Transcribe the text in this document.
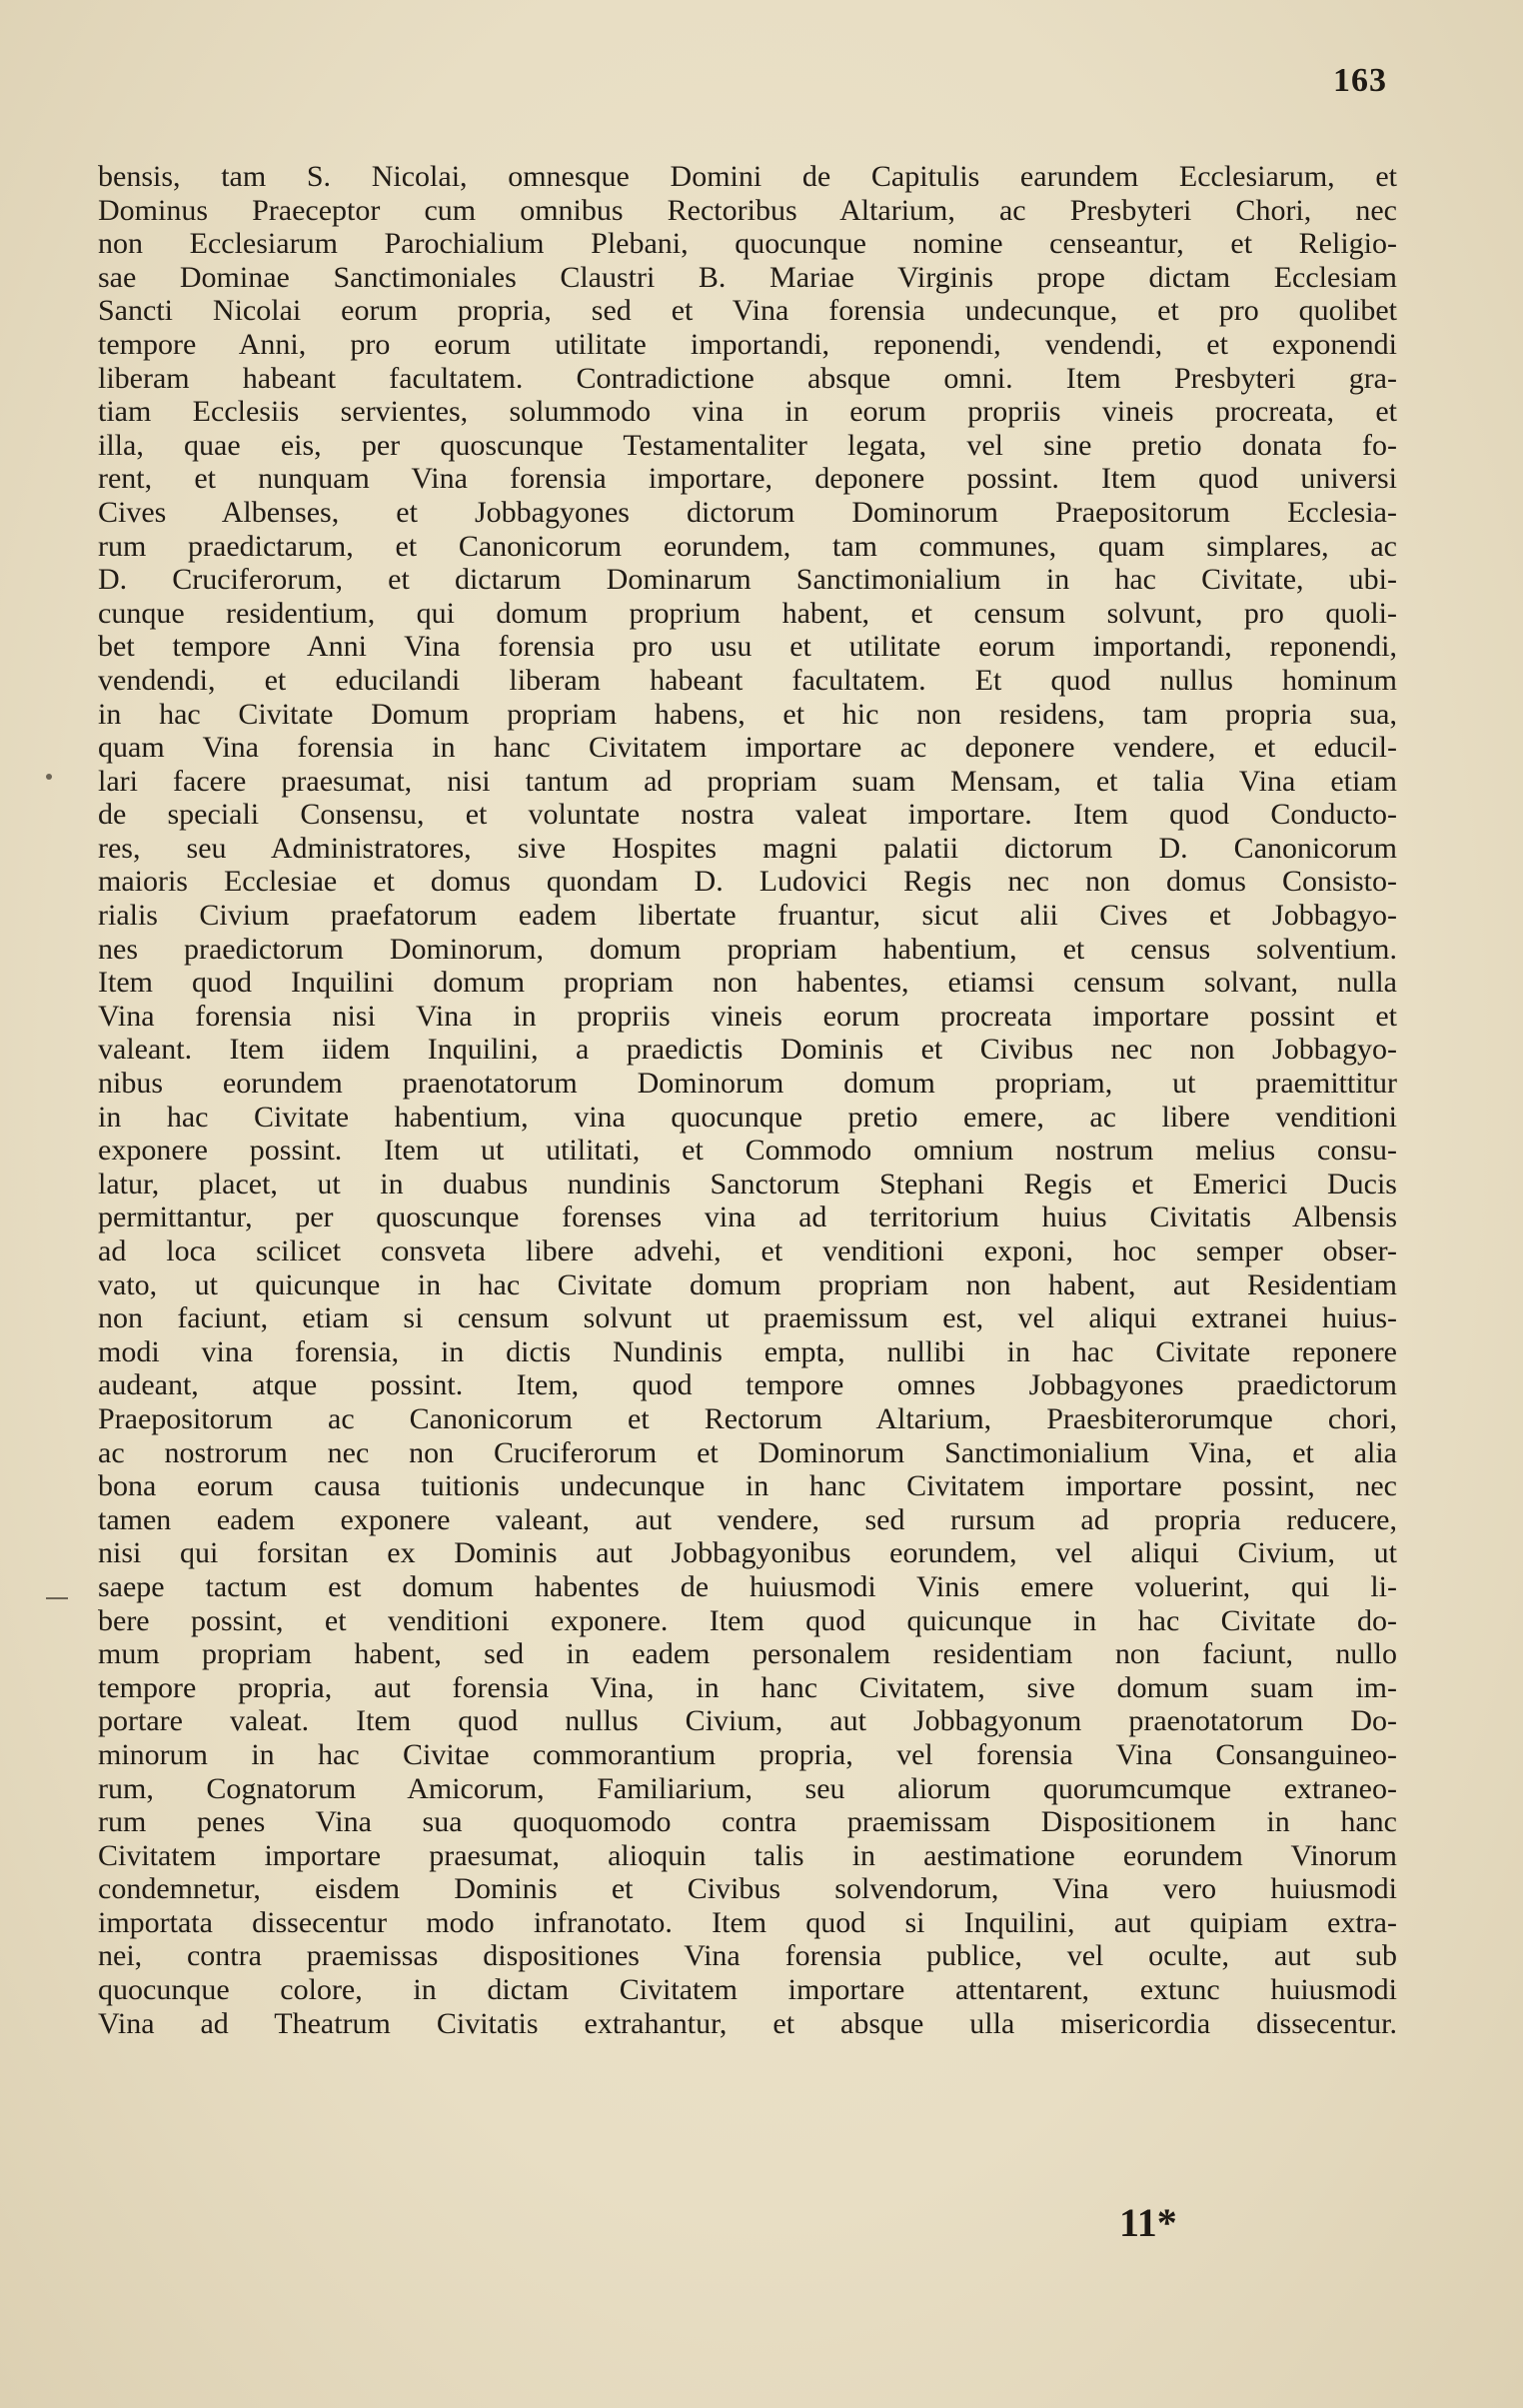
163
bensis, tam S. Nicolai, omnesque Domini de Capitulis earundem Ecclesiarum, et
Dominus Praeceptor cum omnibus Rectoribus Altarium, ac Presbyteri Chori, nec
non Ecclesiarum Parochialium Plebani, quocunque nomine censeantur, et Religio-
sae Dominae Sanctimoniales Claustri B. Mariae Virginis prope dictam Ecclesiam
Sancti Nicolai eorum propria, sed et Vina forensia undecunque, et pro quolibet
tempore Anni, pro eorum utilitate importandi, reponendi, vendendi, et exponendi
liberam habeant facultatem. Contradictione absque omni. Item Presbyteri gra-
tiam Ecclesiis servientes, solummodo vina in eorum propriis vineis procreata, et
illa, quae eis, per quoscunque Testamentaliter legata, vel sine pretio donata fo-
rent, et nunquam Vina forensia importare, deponere possint. Item quod universi
Cives Albenses, et Jobbagyones dictorum Dominorum Praepositorum Ecclesia-
rum praedictarum, et Canonicorum eorundem, tam communes, quam simplares, ac
D. Cruciferorum, et dictarum Dominarum Sanctimonialium in hac Civitate, ubi-
cunque residentium, qui domum proprium habent, et censum solvunt, pro quoli-
bet tempore Anni Vina forensia pro usu et utilitate eorum importandi, reponendi,
vendendi, et educilandi liberam habeant facultatem. Et quod nullus hominum
in hac Civitate Domum propriam habens, et hic non residens, tam propria sua,
quam Vina forensia in hanc Civitatem importare ac deponere vendere, et educil-
lari facere praesumat, nisi tantum ad propriam suam Mensam, et talia Vina etiam
de speciali Consensu, et voluntate nostra valeat importare. Item quod Conducto-
res, seu Administratores, sive Hospites magni palatii dictorum D. Canonicorum
maioris Ecclesiae et domus quondam D. Ludovici Regis nec non domus Consisto-
rialis Civium praefatorum eadem libertate fruantur, sicut alii Cives et Jobbagyo-
nes praedictorum Dominorum, domum propriam habentium, et census solventium.
Item quod Inquilini domum propriam non habentes, etiamsi censum solvant, nulla
Vina forensia nisi Vina in propriis vineis eorum procreata importare possint et
valeant. Item iidem Inquilini, a praedictis Dominis et Civibus nec non Jobbagyo-
nibus eorundem praenotatorum Dominorum domum propriam, ut praemittitur
in hac Civitate habentium, vina quocunque pretio emere, ac libere venditioni
exponere possint. Item ut utilitati, et Commodo omnium nostrum melius consu-
latur, placet, ut in duabus nundinis Sanctorum Stephani Regis et Emerici Ducis
permittantur, per quoscunque forenses vina ad territorium huius Civitatis Albensis
ad loca scilicet consveta libere advehi, et venditioni exponi, hoc semper obser-
vato, ut quicunque in hac Civitate domum propriam non habent, aut Residentiam
non faciunt, etiam si censum solvunt ut praemissum est, vel aliqui extranei huius-
modi vina forensia, in dictis Nundinis empta, nullibi in hac Civitate reponere
audeant, atque possint. Item, quod tempore omnes Jobbagyones praedictorum
Praepositorum ac Canonicorum et Rectorum Altarium, Praesbiterorumque chori,
ac nostrorum nec non Cruciferorum et Dominorum Sanctimonialium Vina, et alia
bona eorum causa tuitionis undecunque in hanc Civitatem importare possint, nec
tamen eadem exponere valeant, aut vendere, sed rursum ad propria reducere,
nisi qui forsitan ex Dominis aut Jobbagyonibus eorundem, vel aliqui Civium, ut
saepe tactum est domum habentes de huiusmodi Vinis emere voluerint, qui li-
bere possint, et venditioni exponere. Item quod quicunque in hac Civitate do-
mum propriam habent, sed in eadem personalem residentiam non faciunt, nullo
tempore propria, aut forensia Vina, in hanc Civitatem, sive domum suam im-
portare valeat. Item quod nullus Civium, aut Jobbagyonum praenotatorum Do-
minorum in hac Civitae commorantium propria, vel forensia Vina Consanguineo-
rum, Cognatorum Amicorum, Familiarium, seu aliorum quorumcumque extraneo-
rum penes Vina sua quoquomodo contra praemissam Dispositionem in hanc
Civitatem importare praesumat, alioquin talis in aestimatione eorundem Vinorum
condemnetur, eisdem Dominis et Civibus solvendorum, Vina vero huiusmodi
importata dissecentur modo infranotato. Item quod si Inquilini, aut quipiam extra-
nei, contra praemissas dispositiones Vina forensia publice, vel oculte, aut sub
quocunque colore, in dictam Civitatem importare attentarent, extunc huiusmodi
Vina ad Theatrum Civitatis extrahantur, et absque ulla misericordia dissecentur.
11*
